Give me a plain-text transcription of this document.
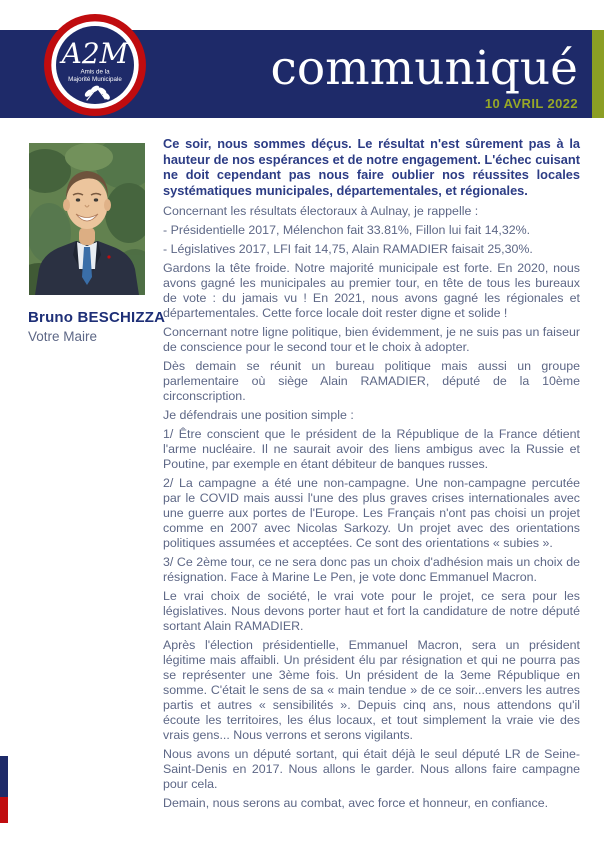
communiqué
10 AVRIL 2022
A2M
Amis de la
Majorité Municipale
Bruno BESCHIZZA
Votre Maire

Ce soir, nous sommes déçus. Le résultat n'est sûrement pas à la hauteur de nos espérances et de notre engagement. L'échec cuisant ne doit cependant pas nous faire oublier nos réussites locales systématiques municipales, départementales, et régionales.

Concernant les résultats électoraux à Aulnay, je rappelle :

- Présidentielle 2017, Mélenchon fait 33.81%, Fillon lui fait 14,32%.

- Législatives 2017, LFI fait 14,75, Alain RAMADIER faisait 25,30%.

Gardons la tête froide. Notre majorité municipale est forte. En 2020, nous avons gagné les municipales au premier tour, en tête de tous les bureaux de vote : du jamais vu ! En 2021, nous avons gagné les régionales et départementales. Cette force locale doit rester digne et solide !

Concernant notre ligne politique, bien évidemment, je ne suis pas un faiseur de conscience pour le second tour et le choix à adopter.

Dès demain se réunit un bureau politique mais aussi un groupe parlementaire où siège Alain RAMADIER, député de la 10ème circonscription.

Je défendrais une position simple :

1/ Être conscient que le président de la République de la France détient l'arme nucléaire. Il ne saurait avoir des liens ambigus avec la Russie et Poutine, par exemple en étant débiteur de banques russes.

2/ La campagne a été une non-campagne. Une non-campagne percutée par le COVID mais aussi l'une des plus graves crises internationales avec une guerre aux portes de l'Europe. Les Français n'ont pas choisi un projet comme en 2007 avec Nicolas Sarkozy. Un projet avec des orientations politiques assumées et acceptées. Ce sont des orientations « subies ».

3/ Ce 2ème tour, ce ne sera donc pas un choix d'adhésion mais un choix de résignation. Face à Marine Le Pen, je vote donc Emmanuel Macron.

Le vrai choix de société, le vrai vote pour le projet, ce sera pour les législatives. Nous devons porter haut et fort la candidature de notre député sortant Alain RAMADIER.

Après l'élection présidentielle, Emmanuel Macron, sera un président légitime mais affaibli. Un président élu par résignation et qui ne pourra pas se représenter une 3ème fois. Un président de la 3eme République en somme. C'était le sens de sa « main tendue » de ce soir...envers les autres partis et autres « sensibilités ». Depuis cinq ans, nous attendons qu'il écoute les territoires, les élus locaux, et tout simplement la vraie vie des vrais gens... Nous verrons et serons vigilants.

Nous avons un député sortant, qui était déjà le seul député LR de Seine-Saint-Denis en 2017. Nous allons le garder. Nous allons faire campagne pour cela.

Demain, nous serons au combat, avec force et honneur, en confiance.
